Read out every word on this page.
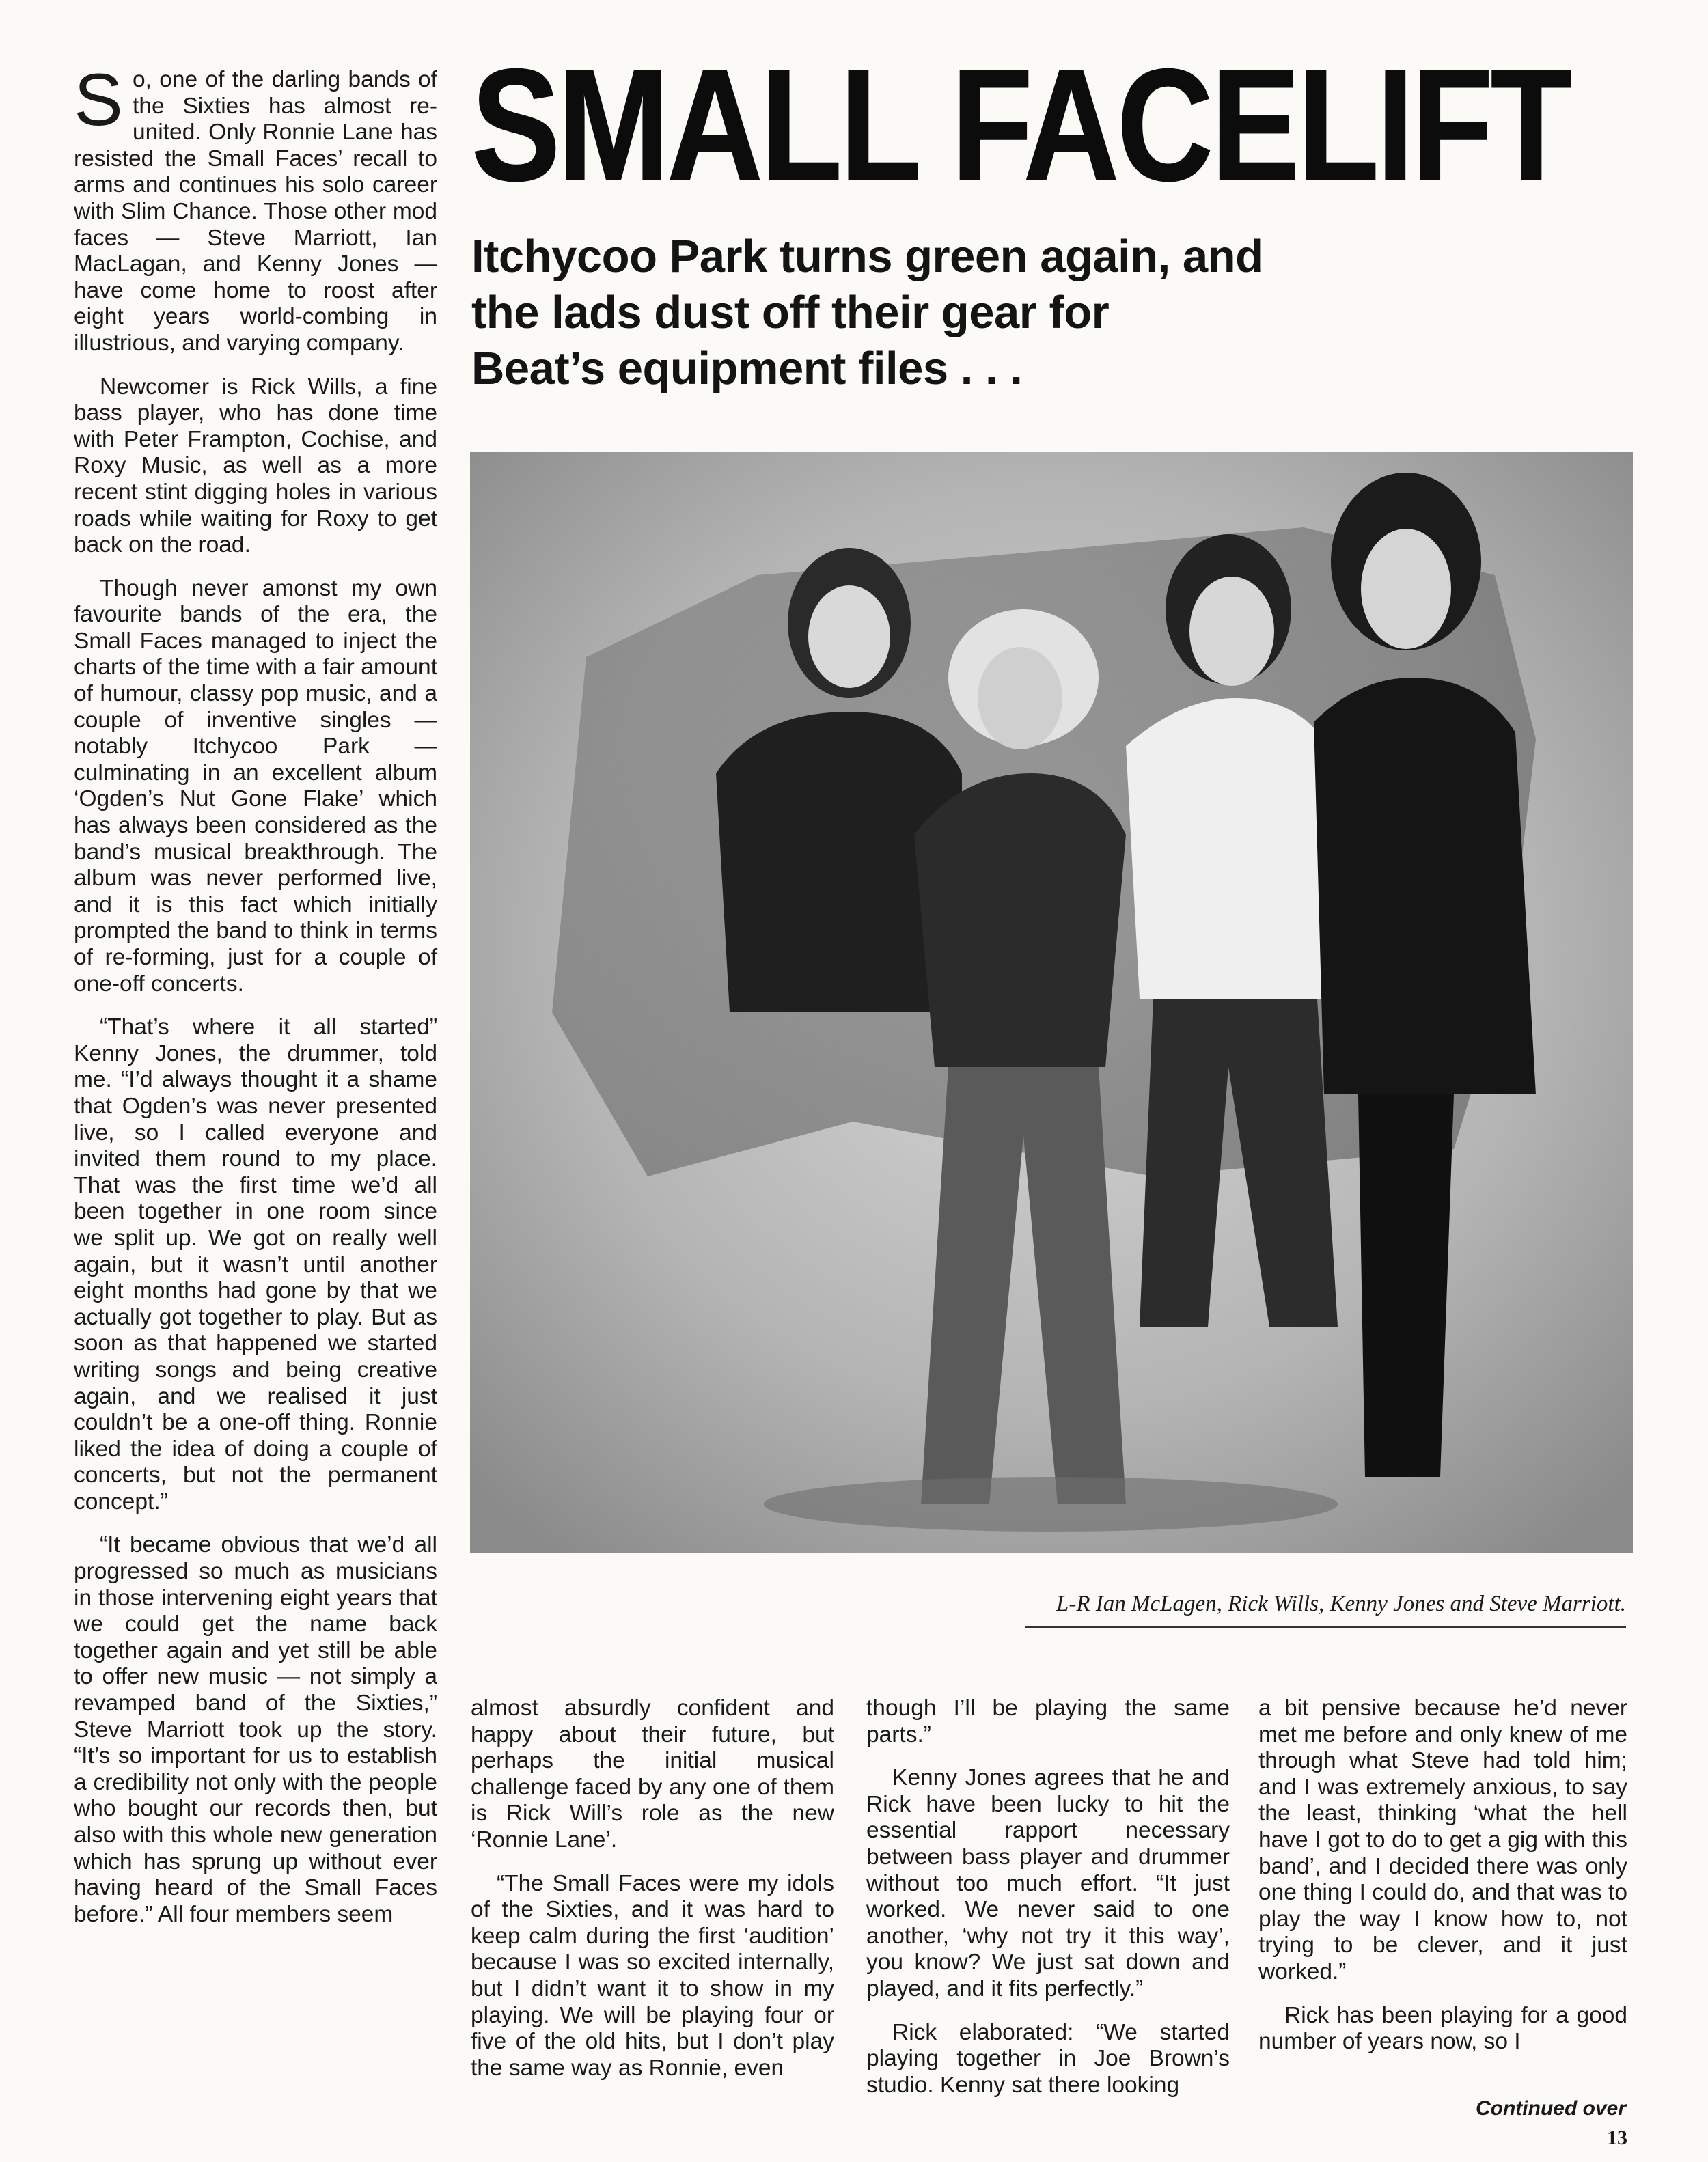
SMALL FACELIFT
Itchycoo Park turns green again, and
the lads dust off their gear for
Beat’s equipment files . . .

So, one of the darling bands of the Sixties has almost re-united. Only Ronnie Lane has resisted the Small Faces’ recall to arms and continues his solo career with Slim Chance. Those other mod faces — Steve Marriott, Ian MacLagan, and Kenny Jones — have come home to roost after eight years world-combing in illustrious, and varying company.

Newcomer is Rick Wills, a fine bass player, who has done time with Peter Frampton, Cochise, and Roxy Music, as well as a more recent stint digging holes in various roads while waiting for Roxy to get back on the road.

Though never amonst my own favourite bands of the era, the Small Faces managed to inject the charts of the time with a fair amount of humour, classy pop music, and a couple of inventive singles — notably Itchycoo Park — culminating in an excellent album ‘Ogden’s Nut Gone Flake’ which has always been considered as the band’s musical breakthrough. The album was never performed live, and it is this fact which initially prompted the band to think in terms of re-forming, just for a couple of one-off concerts.

“That’s where it all started” Kenny Jones, the drummer, told me. “I’d always thought it a shame that Ogden’s was never presented live, so I called everyone and invited them round to my place. That was the first time we’d all been together in one room since we split up. We got on really well again, but it wasn’t until another eight months had gone by that we actually got together to play. But as soon as that happened we started writing songs and being creative again, and we realised it just couldn’t be a one-off thing. Ronnie liked the idea of doing a couple of concerts, but not the permanent concept.”

“It became obvious that we’d all progressed so much as musicians in those intervening eight years that we could get the name back together again and yet still be able to offer new music — not simply a revamped band of the Sixties,” Steve Marriott took up the story. “It’s so important for us to establish a credibility not only with the people who bought our records then, but also with this whole new generation which has sprung up without ever having heard of the Small Faces before.” All four members seem

L-R Ian McLagen, Rick Wills, Kenny Jones and Steve Marriott.

almost absurdly confident and happy about their future, but perhaps the initial musical challenge faced by any one of them is Rick Will’s role as the new ‘Ronnie Lane’.

“The Small Faces were my idols of the Sixties, and it was hard to keep calm during the first ‘audition’ because I was so excited internally, but I didn’t want it to show in my playing. We will be playing four or five of the old hits, but I don’t play the same way as Ronnie, even

though I’ll be playing the same parts.”

Kenny Jones agrees that he and Rick have been lucky to hit the essential rapport necessary between bass player and drummer without too much effort. “It just worked. We never said to one another, ‘why not try it this way’, you know? We just sat down and played, and it fits perfectly.”

Rick elaborated: “We started playing together in Joe Brown’s studio. Kenny sat there looking

a bit pensive because he’d never met me before and only knew of me through what Steve had told him; and I was extremely anxious, to say the least, thinking ‘what the hell have I got to do to get a gig with this band’, and I decided there was only one thing I could do, and that was to play the way I know how to, not trying to be clever, and it just worked.”

Rick has been playing for a good number of years now, so I

Continued over
13
